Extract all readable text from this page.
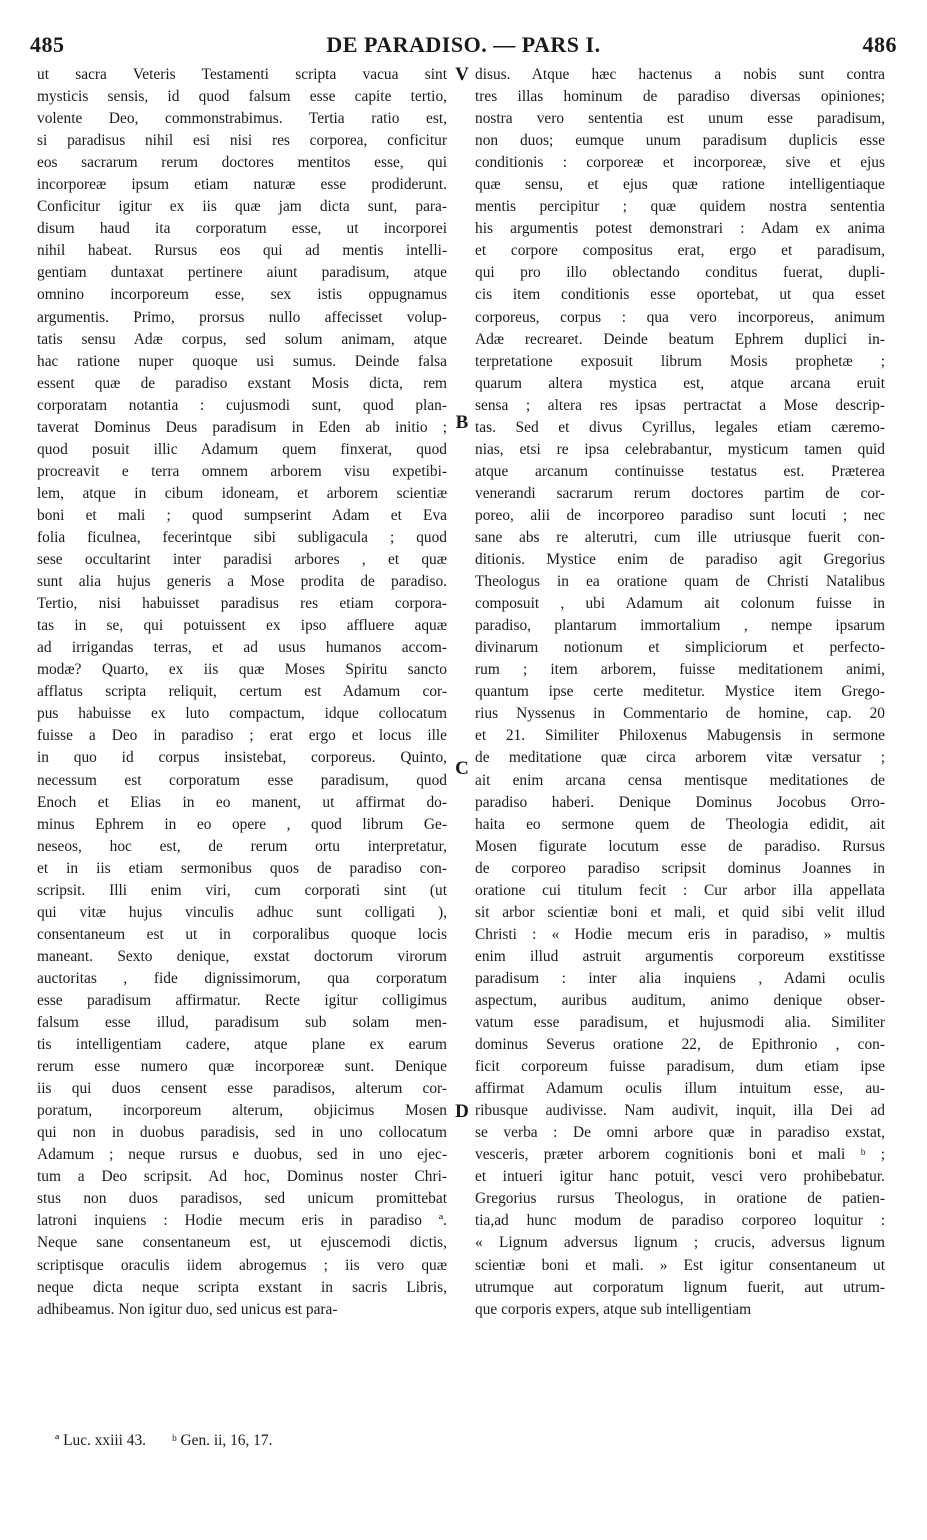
485	DE PARADISO. — PARS I.	486
ut sacra Veteris Testamenti scripta vacua sint
mysticis sensis, id quod falsum esse capite tertio,
volente Deo, commonstrabimus. Tertia ratio est,
si paradisus nihil esi nisi res corporea, conficitur
eos sacrarum rerum doctores mentitos esse, qui
incorporeæ ipsum etiam naturæ esse prodiderunt.
Conficitur igitur ex iis quæ jam dicta sunt, para-
disum haud ita corporatum esse, ut incorporei
nihil habeat. Rursus eos qui ad mentis intelli-
gentiam duntaxat pertinere aiunt paradisum, atque
omnino incorporeum esse, sex istis oppugnamus
argumentis. Primo, prorsus nullo affecisset volup-
tatis sensu Adæ corpus, sed solum animam, atque
hac ratione nuper quoque usi sumus. Deinde falsa
essent quæ de paradiso exstant Mosis dicta, rem
corporatam notantia : cujusmodi sunt, quod plan-
taverat Dominus Deus paradisum in Eden ab initio ;
quod posuit illic Adamum quem finxerat, quod
procreavit e terra omnem arborem visu expetibi-
lem, atque in cibum idoneam, et arborem scientiæ
boni et mali ; quod sumpserint Adam et Eva
folia ficulnea, fecerintque sibi subligacula ; quod
sese occultarint inter paradisi arbores , et quæ
sunt alia hujus generis a Mose prodita de paradiso.
Tertio, nisi habuisset paradisus res etiam corpora-
tas in se, qui potuissent ex ipso affluere aquæ
ad irrigandas terras, et ad usus humanos accom-
modæ? Quarto, ex iis quæ Moses Spiritu sancto
afflatus scripta reliquit, certum est Adamum cor-
pus habuisse ex luto compactum, idque collocatum
fuisse a Deo in paradiso ; erat ergo et locus ille
in quo id corpus insistebat, corporeus. Quinto,
necessum est corporatum esse paradisum, quod
Enoch et Elias in eo manent, ut affirmat do-
minus Ephrem in eo opere , quod librum Ge-
neseos, hoc est, de rerum ortu interpretatur,
et in iis etiam sermonibus quos de paradiso con-
scripsit. Illi enim viri, cum corporati sint (ut
qui vitæ hujus vinculis adhuc sunt colligati ),
consentaneum est ut in corporalibus quoque locis
maneant. Sexto denique, exstat doctorum virorum
auctoritas , fide dignissimorum, qua corporatum
esse paradisum affirmatur. Recte igitur colligimus
falsum esse illud, paradisum sub solam men-
tis intelligentiam cadere, atque plane ex earum
rerum esse numero quæ incorporeæ sunt. Denique
iis qui duos censent esse paradisos, alterum cor-
poratum, incorporeum alterum, objicimus Mosen
qui non in duobus paradisis, sed in uno collocatum
Adamum ; neque rursus e duobus, sed in uno ejec-
tum a Deo scripsit. Ad hoc, Dominus noster Chri-
stus non duos paradisos, sed unicum promittebat
latroni inquiens : Hodie mecum eris in paradiso ª.
Neque sane consentaneum est, ut ejuscemodi dictis,
scriptisque oraculis iidem abrogemus ; iis vero quæ
neque dicta neque scripta exstant in sacris Libris,
adhibeamus. Non igitur duo, sed unicus est para-
V
B
C
D
disus. Atque hæc hactenus a nobis sunt contra
tres illas hominum de paradiso diversas opiniones;
nostra vero sententia est unum esse paradisum,
non duos; eumque unum paradisum duplicis esse
conditionis : corporeæ et incorporeæ, sive et ejus
quæ sensu, et ejus quæ ratione intelligentiaque
mentis percipitur ; quæ quidem nostra sententia
his argumentis potest demonstrari : Adam ex anima
et corpore compositus erat, ergo et paradisum,
qui pro illo oblectando conditus fuerat, dupli-
cis item conditionis esse oportebat, ut qua esset
corporeus, corpus : qua vero incorporeus, animum
Adæ recrearet. Deinde beatum Ephrem duplici in-
terpretatione exposuit librum Mosis prophetæ ;
quarum altera mystica est, atque arcana eruit
sensa ; altera res ipsas pertractat a Mose descrip-
tas. Sed et divus Cyrillus, legales etiam cæremo-
nias, etsi re ipsa celebrabantur, mysticum tamen quid
atque arcanum continuisse testatus est. Præterea
venerandi sacrarum rerum doctores partim de cor-
poreo, alii de incorporeo paradiso sunt locuti ; nec
sane abs re alterutri, cum ille utriusque fuerit con-
ditionis. Mystice enim de paradiso agit Gregorius
Theologus in ea oratione quam de Christi Natalibus
composuit , ubi Adamum ait colonum fuisse in
paradiso, plantarum immortalium , nempe ipsarum
divinarum notionum et simpliciorum et perfecto-
rum ; item arborem, fuisse meditationem animi,
quantum ipse certe meditetur. Mystice item Grego-
rius Nyssenus in Commentario de homine, cap. 20
et 21. Similiter Philoxenus Mabugensis in sermone
de meditatione quæ circa arborem vitæ versatur ;
ait enim arcana censa mentisque meditationes de
paradiso haberi. Denique Dominus Jocobus Orro-
haita eo sermone quem de Theologia edidit, ait
Mosen figurate locutum esse de paradiso. Rursus
de corporeo paradiso scripsit dominus Joannes in
oratione cui titulum fecit : Cur arbor illa appellata
sit arbor scientiæ boni et mali, et quid sibi velit illud
Christi : « Hodie mecum eris in paradiso, » multis
enim illud astruit argumentis corporeum exstitisse
paradisum : inter alia inquiens , Adami oculis
aspectum, auribus auditum, animo denique obser-
vatum esse paradisum, et hujusmodi alia. Similiter
dominus Severus oratione 22, de Epithronio , con-
ficit corporeum fuisse paradisum, dum etiam ipse
affirmat Adamum oculis illum intuitum esse, au-
ribusque audivisse. Nam audivit, inquit, illa Dei ad
se verba : De omni arbore quæ in paradiso exstat,
vesceris, præter arborem cognitionis boni et mali ᵇ ;
et intueri igitur hanc potuit, vesci vero prohibebatur.
Gregorius rursus Theologus, in oratione de patien-
tia,ad hunc modum de paradiso corporeo loquitur :
« Lignum adversus lignum ; crucis, adversus lignum
scientiæ boni et mali. » Est igitur consentaneum ut
utrumque aut corporatum lignum fuerit, aut utrum-
que corporis expers, atque sub intelligentiam
ª Luc. xxiii 43. ᵇ Gen. ii, 16, 17.
